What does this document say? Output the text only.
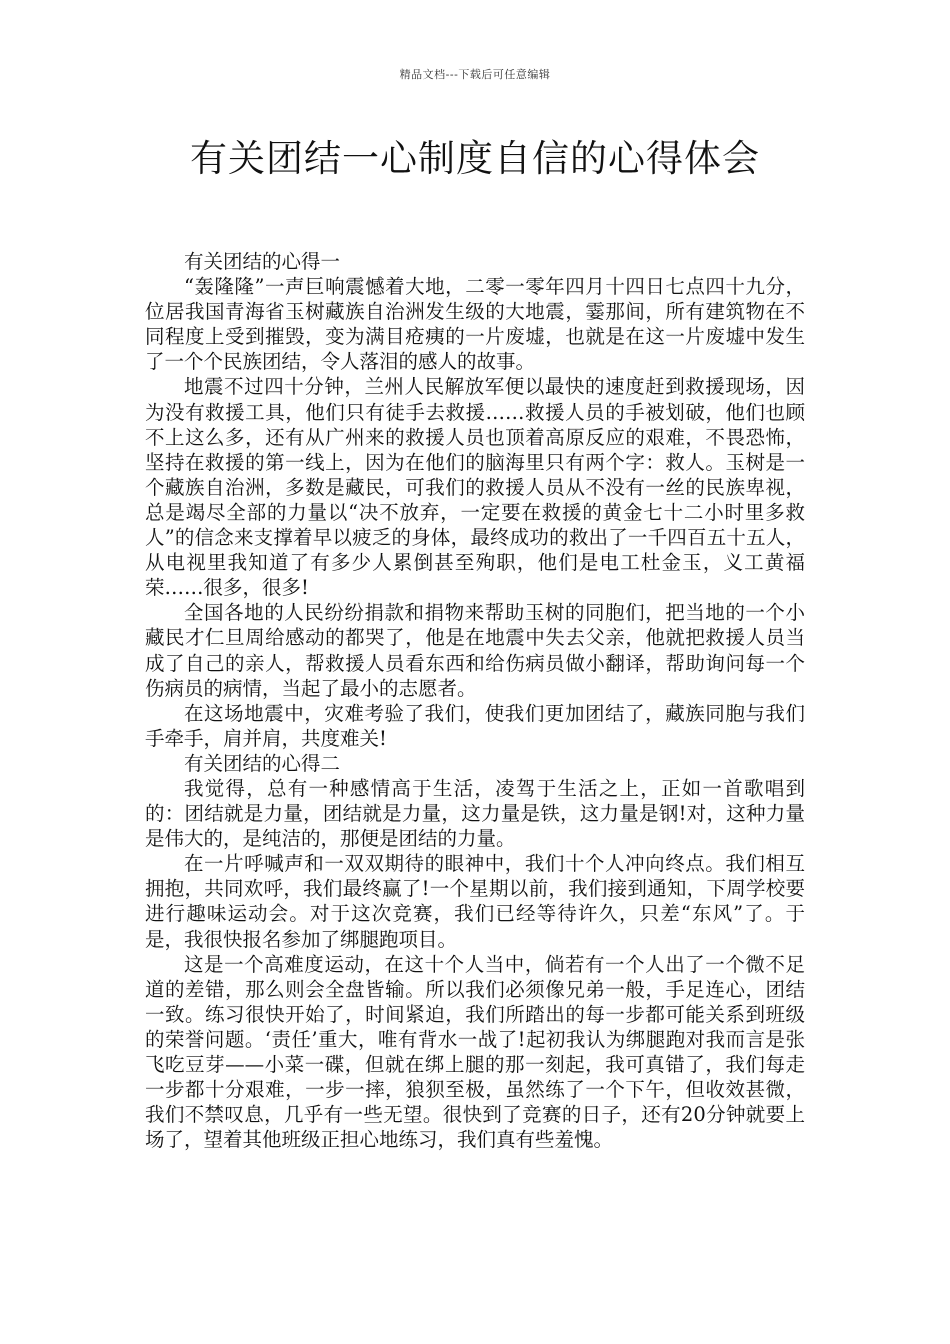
精品文档---下载后可任意编辑
有关团结一心制度自信的心得体会

有关团结的心得一

“轰隆隆”一声巨响震憾着大地，二零一零年四月十四日七点四十九分，位居我国青海省玉树藏族自治洲发生级的大地震，霎那间，所有建筑物在不同程度上受到摧毁，变为满目疮痍的一片废墟，也就是在这一片废墟中发生了一个个民族团结，令人落泪的感人的故事。

地震不过四十分钟，兰州人民解放军便以最快的速度赶到救援现场，因为没有救援工具，他们只有徒手去救援……救援人员的手被划破，他们也顾不上这么多，还有从广州来的救援人员也顶着高原反应的艰难，不畏恐怖，坚持在救援的第一线上，因为在他们的脑海里只有两个字：救人。玉树是一个藏族自治洲，多数是藏民，可我们的救援人员从不没有一丝的民族卑视，总是竭尽全部的力量以“决不放弃，一定要在救援的黄金七十二小时里多救人”的信念来支撑着早以疲乏的身体，最终成功的救出了一千四百五十五人，从电视里我知道了有多少人累倒甚至殉职，他们是电工杜金玉，义工黄福荣……很多，很多!

全国各地的人民纷纷捐款和捐物来帮助玉树的同胞们，把当地的一个小藏民才仁旦周给感动的都哭了，他是在地震中失去父亲，他就把救援人员当成了自己的亲人，帮救援人员看东西和给伤病员做小翻译，帮助询问每一个伤病员的病情，当起了最小的志愿者。

在这场地震中，灾难考验了我们，使我们更加团结了，藏族同胞与我们手牵手，肩并肩，共度难关!

有关团结的心得二

我觉得，总有一种感情高于生活，凌驾于生活之上，正如一首歌唱到的：团结就是力量，团结就是力量，这力量是铁，这力量是钢!对，这种力量是伟大的，是纯洁的，那便是团结的力量。

在一片呼喊声和一双双期待的眼神中，我们十个人冲向终点。我们相互拥抱，共同欢呼，我们最终赢了!一个星期以前，我们接到通知，下周学校要进行趣味运动会。对于这次竞赛，我们已经等待许久，只差“东风”了。于是，我很快报名参加了绑腿跑项目。

这是一个高难度运动，在这十个人当中，倘若有一个人出了一个微不足道的差错，那么则会全盘皆输。所以我们必须像兄弟一般，手足连心，团结一致。练习很快开始了，时间紧迫，我们所踏出的每一步都可能关系到班级的荣誉问题。‘责任’重大，唯有背水一战了!起初我认为绑腿跑对我而言是张飞吃豆芽——小菜一碟，但就在绑上腿的那一刻起，我可真错了，我们每走一步都十分艰难，一步一摔，狼狈至极，虽然练了一个下午，但收效甚微，我们不禁叹息，几乎有一些无望。很快到了竞赛的日子，还有20分钟就要上场了，望着其他班级正担心地练习，我们真有些羞愧。
